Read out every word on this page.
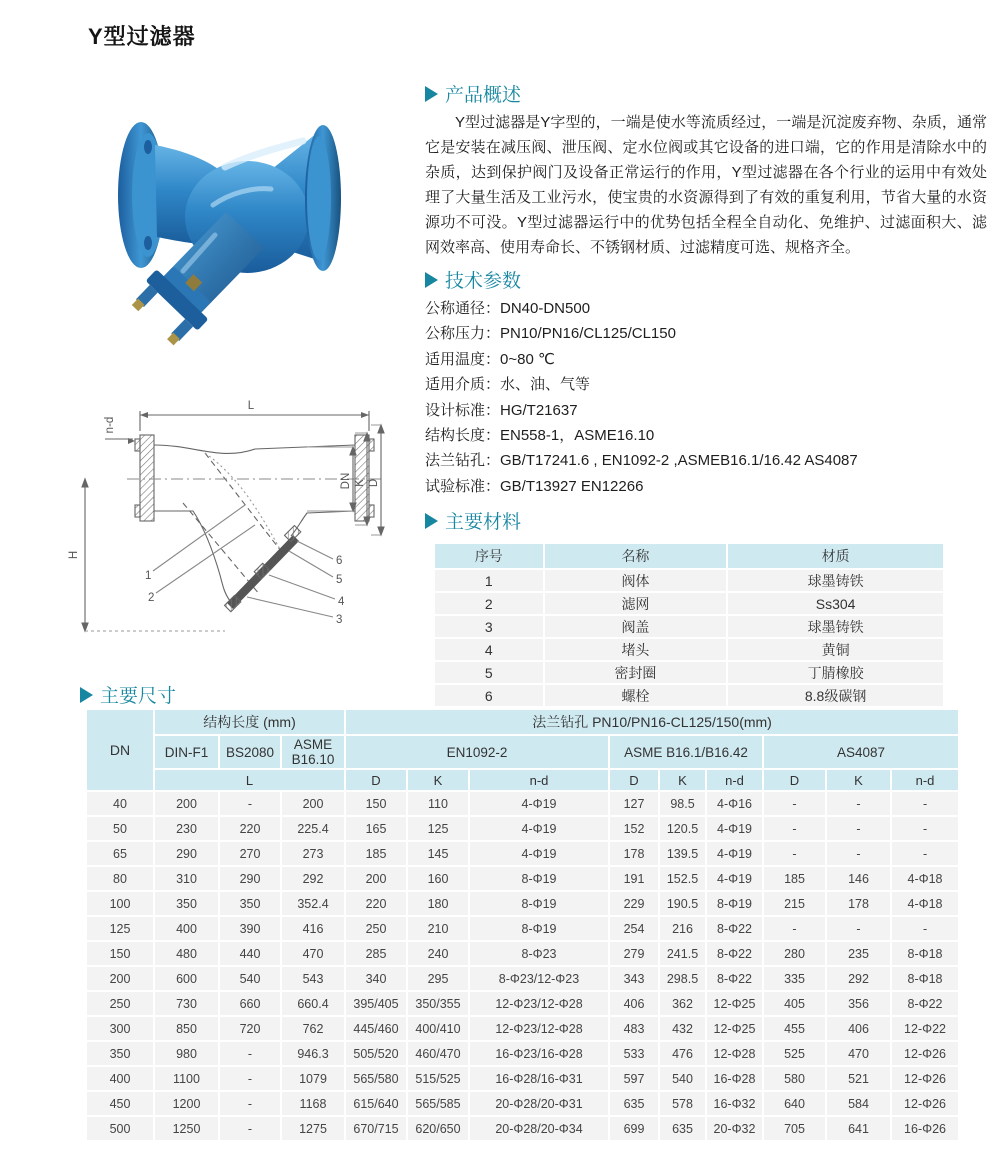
Y型过滤器
L
n-d
H
DN K D
1
2
3
4
5
6
产品概述

Y型过滤器是Y字型的，一端是使水等流质经过，一端是沉淀废弃物、杂质，通常它是安装在减压阀、泄压阀、定水位阀或其它设备的进口端，它的作用是清除水中的杂质，达到保护阀门及设备正常运行的作用，Y型过滤器在各个行业的运用中有效处理了大量生活及工业污水，使宝贵的水资源得到了有效的重复利用，节省大量的水资源功不可没。Y型过滤器运行中的优势包括全程全自动化、免维护、过滤面积大、滤网效率高、使用寿命长、不锈钢材质、过滤精度可选、规格齐全。

技术参数
公称通径：DN40-DN500
公称压力：PN10/PN16/CL125/CL150
适用温度：0~80 ℃
适用介质：水、油、气等
设计标准：HG/T21637
结构长度：EN558-1，ASME16.10
法兰钻孔：GB/T17241.6 , EN1092-2 ,ASMEB16.1/16.42 AS4087
试验标准：GB/T13927 EN12266
主要材料
序号	名称	材质
1	阀体	球墨铸铁
2	滤网	Ss304
3	阀盖	球墨铸铁
4	堵头	黄铜
5	密封圈	丁腈橡胶
6	螺栓	8.8级碳钢
主要尺寸
DN	结构长度 (mm)			法兰钻孔 PN10/PN16-CL125/150(mm)								
	DIN-F1	BS2080	ASME B16.10	EN1092-2			ASME B16.1/B16.42			AS4087		
	L			D	K	n-d	D	K	n-d	D	K	n-d
40	200	-	200	150	110	4-Φ19	127	98.5	4-Φ16	-	-	-
50	230	220	225.4	165	125	4-Φ19	152	120.5	4-Φ19	-	-	-
65	290	270	273	185	145	4-Φ19	178	139.5	4-Φ19	-	-	-
80	310	290	292	200	160	8-Φ19	191	152.5	4-Φ19	185	146	4-Φ18
100	350	350	352.4	220	180	8-Φ19	229	190.5	8-Φ19	215	178	4-Φ18
125	400	390	416	250	210	8-Φ19	254	216	8-Φ22	-	-	-
150	480	440	470	285	240	8-Φ23	279	241.5	8-Φ22	280	235	8-Φ18
200	600	540	543	340	295	8-Φ23/12-Φ23	343	298.5	8-Φ22	335	292	8-Φ18
250	730	660	660.4	395/405	350/355	12-Φ23/12-Φ28	406	362	12-Φ25	405	356	8-Φ22
300	850	720	762	445/460	400/410	12-Φ23/12-Φ28	483	432	12-Φ25	455	406	12-Φ22
350	980	-	946.3	505/520	460/470	16-Φ23/16-Φ28	533	476	12-Φ28	525	470	12-Φ26
400	1100	-	1079	565/580	515/525	16-Φ28/16-Φ31	597	540	16-Φ28	580	521	12-Φ26
450	1200	-	1168	615/640	565/585	20-Φ28/20-Φ31	635	578	16-Φ32	640	584	12-Φ26
500	1250	-	1275	670/715	620/650	20-Φ28/20-Φ34	699	635	20-Φ32	705	641	16-Φ26
